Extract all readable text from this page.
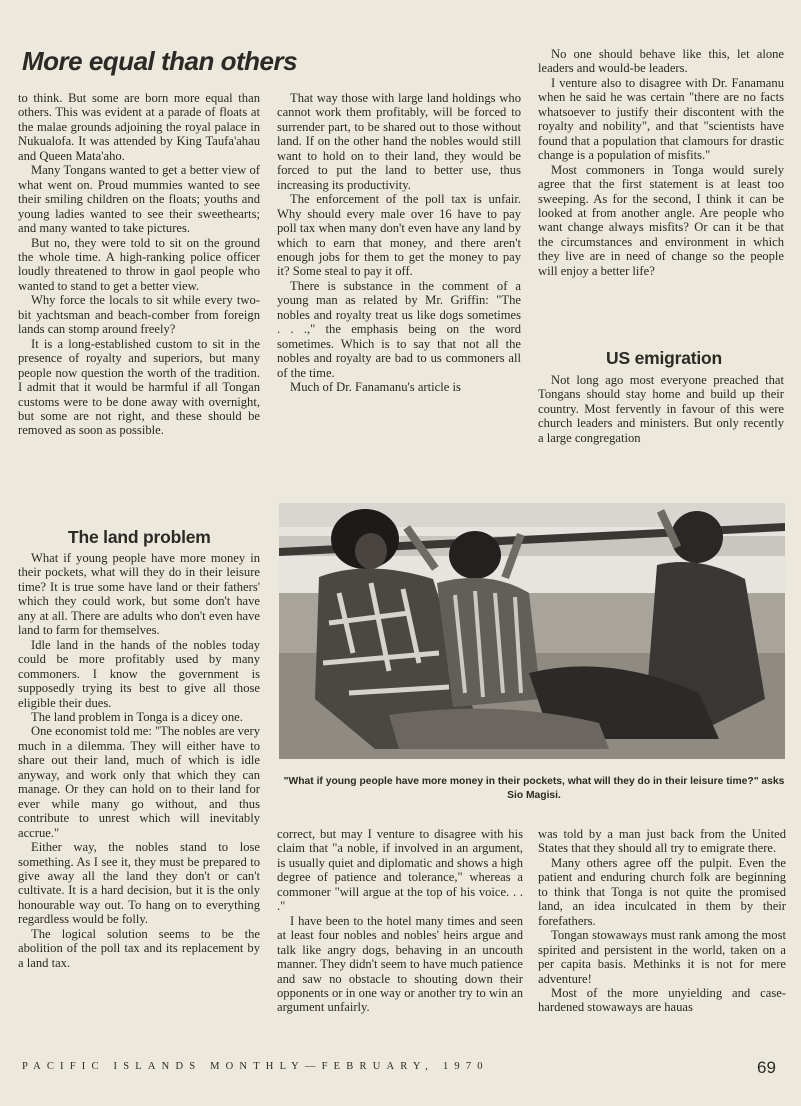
More equal than others

to think. But some are born more equal than others. This was evident at a parade of floats at the malae grounds adjoining the royal palace in Nukualofa. It was attended by King Taufa'ahau and Queen Mata'aho.

Many Tongans wanted to get a better view of what went on. Proud mummies wanted to see their smiling children on the floats; youths and young ladies wanted to see their sweethearts; and many wanted to take pictures.

But no, they were told to sit on the ground the whole time. A high-ranking police officer loudly threatened to throw in gaol people who wanted to stand to get a better view.

Why force the locals to sit while every two-bit yachtsman and beach-comber from foreign lands can stomp around freely?

It is a long-established custom to sit in the presence of royalty and superiors, but many people now question the worth of the tradition. I admit that it would be harmful if all Tongan customs were to be done away with overnight, but some are not right, and these should be removed as soon as possible.

The land problem

What if young people have more money in their pockets, what will they do in their leisure time? It is true some have land or their fathers' which they could work, but some don't have any at all. There are adults who don't even have land to farm for themselves.

Idle land in the hands of the nobles today could be more profitably used by many commoners. I know the government is supposedly trying its best to give all those eligible their dues.

The land problem in Tonga is a dicey one.

One economist told me: "The nobles are very much in a dilemma. They will either have to share out their land, much of which is idle anyway, and work only that which they can manage. Or they can hold on to their land for ever while many go without, and thus contribute to unrest which will inevitably accrue."

Either way, the nobles stand to lose something. As I see it, they must be prepared to give away all the land they don't or can't cultivate. It is a hard decision, but it is the only honourable way out. To hang on to everything regardless would be folly.

The logical solution seems to be the abolition of the poll tax and its replacement by a land tax.

That way those with large land holdings who cannot work them profitably, will be forced to surrender part, to be shared out to those without land. If on the other hand the nobles would still want to hold on to their land, they would be forced to put the land to better use, thus increasing its productivity.

The enforcement of the poll tax is unfair. Why should every male over 16 have to pay poll tax when many don't even have any land by which to earn that money, and there aren't enough jobs for them to get the money to pay it? Some steal to pay it off.

There is substance in the comment of a young man as related by Mr. Griffin: "The nobles and royalty treat us like dogs sometimes . . .," the emphasis being on the word sometimes. Which is to say that not all the nobles and royalty are bad to us commoners all of the time.

Much of Dr. Fanamanu's article is

No one should behave like this, let alone leaders and would-be leaders.

I venture also to disagree with Dr. Fanamanu when he said he was certain "there are no facts whatsoever to justify their discontent with the royalty and nobility", and that "scientists have found that a population that clamours for drastic change is a population of misfits."

Most commoners in Tonga would surely agree that the first statement is at least too sweeping. As for the second, I think it can be looked at from another angle. Are people who want change always misfits? Or can it be that the circumstances and environment in which they live are in need of change so the people will enjoy a better life?

US emigration

Not long ago most everyone preached that Tongans should stay home and build up their country. Most fervently in favour of this were church leaders and ministers. But only recently a large congregation

"What if young people have more money in their pockets, what will they do in their leisure time?" asks Sio Magisi.

correct, but may I venture to disagree with his claim that "a noble, if involved in an argument, is usually quiet and diplomatic and shows a high degree of patience and tolerance," whereas a commoner "will argue at the top of his voice. . . ."

I have been to the hotel many times and seen at least four nobles and nobles' heirs argue and talk like angry dogs, behaving in an uncouth manner. They didn't seem to have much patience and saw no obstacle to shouting down their opponents or in one way or another try to win an argument unfairly.

was told by a man just back from the United States that they should all try to emigrate there.

Many others agree off the pulpit. Even the patient and enduring church folk are beginning to think that Tonga is not quite the promised land, an idea inculcated in them by their forefathers.

Tongan stowaways must rank among the most spirited and persistent in the world, taken on a per capita basis. Methinks it is not for mere adventure!

Most of the more unyielding and case-hardened stowaways are hauas

PACIFIC ISLANDS MONTHLY—FEBRUARY, 1970	69
